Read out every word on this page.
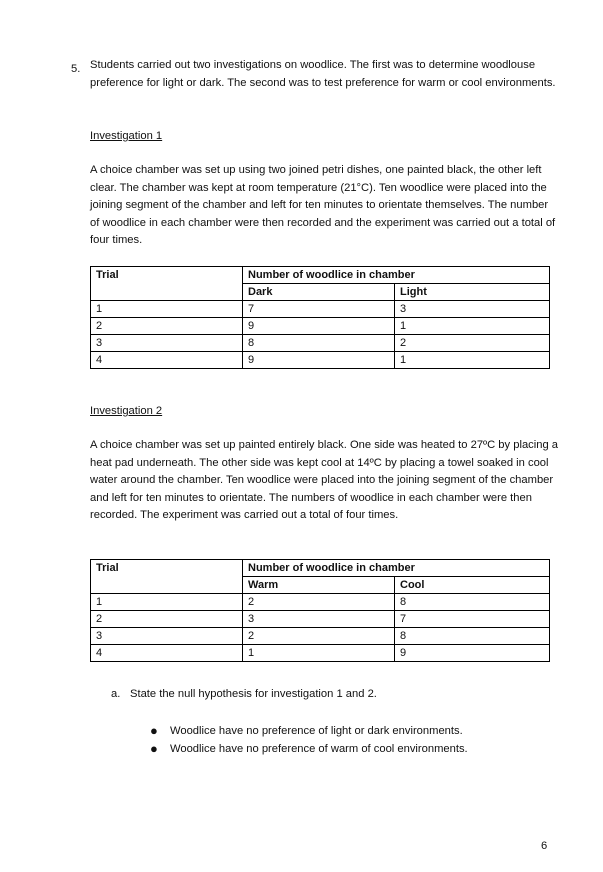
5. Students carried out two investigations on woodlice. The first was to determine woodlouse preference for light or dark. The second was to test preference for warm or cool environments.

Investigation 1

A choice chamber was set up using two joined petri dishes, one painted black, the other left clear. The chamber was kept at room temperature (21°C). Ten woodlice were placed into the joining segment of the chamber and left for ten minutes to orientate themselves. The number of woodlice in each chamber were then recorded and the experiment was carried out a total of four times.

Trial	Number of woodlice in chamber	
	Dark	Light
1	7	3
2	9	1
3	8	2
4	9	1

Investigation 2

A choice chamber was set up painted entirely black. One side was heated to 27ºC by placing a heat pad underneath. The other side was kept cool at 14ºC by placing a towel soaked in cool water around the chamber. Ten woodlice were placed into the joining segment of the chamber and left for ten minutes to orientate. The numbers of woodlice in each chamber were then recorded. The experiment was carried out a total of four times.

Trial	Number of woodlice in chamber	
	Warm	Cool
1	2	8
2	3	7
3	2	8
4	1	9
a. State the null hypothesis for investigation 1 and 2.
● Woodlice have no preference of light or dark environments.
● Woodlice have no preference of warm of cool environments.
6
